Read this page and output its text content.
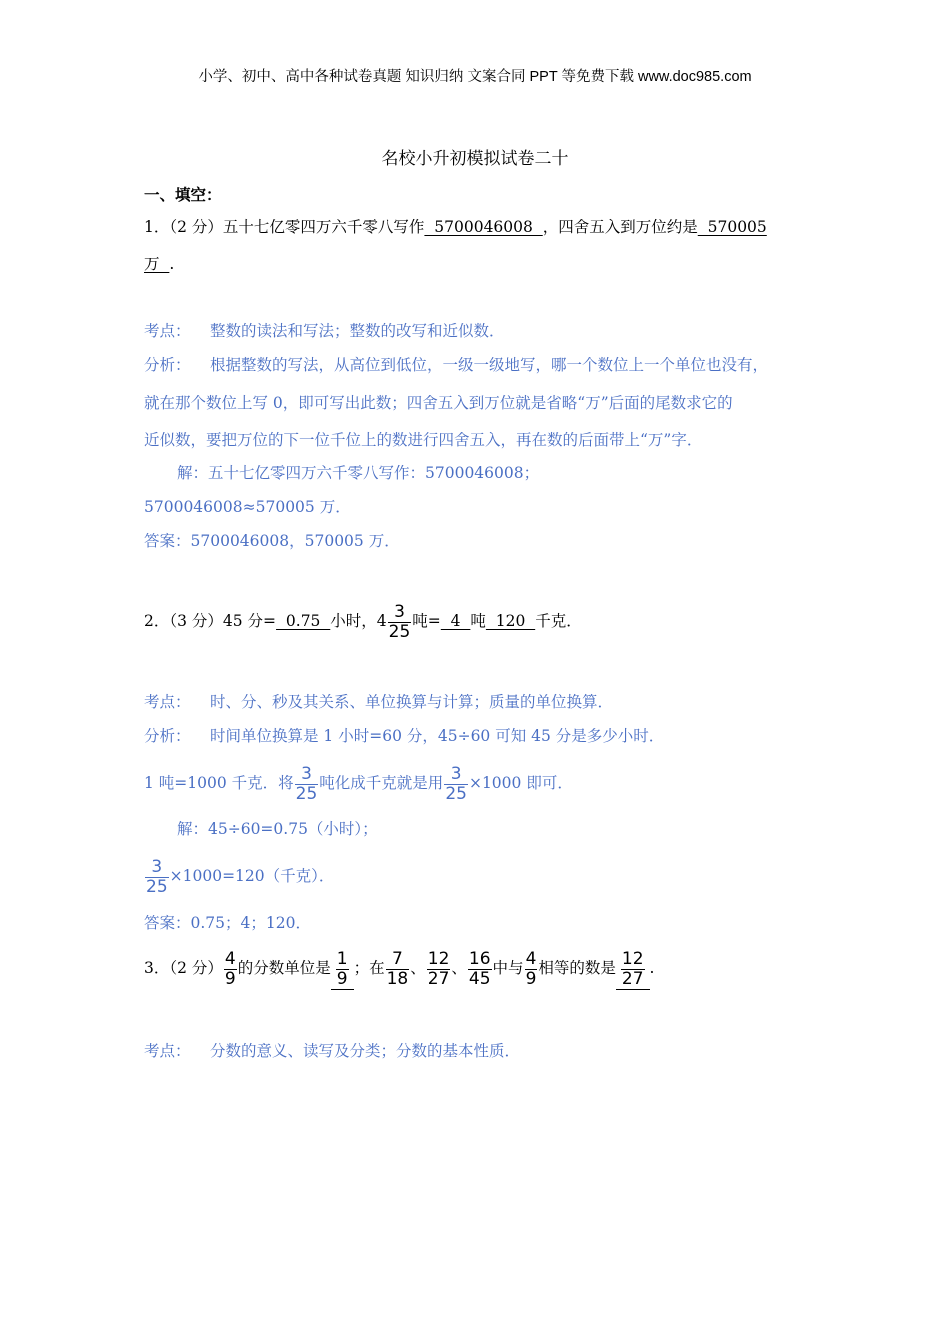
小学、初中、高中各种试卷真题 知识归纳 文案合同 PPT 等免费下载 www.doc985.com
名校小升初模拟试卷二十
一、填空：
1．（2 分）五十七亿零四万六千零八写作  5700046008  ，四舍五入到万位约是  570005
万  .
考点： 整数的读法和写法；整数的改写和近似数．
分析： 根据整数的写法，从高位到低位，一级一级地写，哪一个数位上一个单位也没有，
就在那个数位上写 0，即可写出此数；四舍五入到万位就是省略“万”后面的尾数求它的
近似数，要把万位的下一位千位上的数进行四舍五入，再在数的后面带上“万”字．
解：五十七亿零四万六千零八写作：5700046008；
5700046008≈570005 万．
答案：5700046008，570005 万．
2．（3 分）45 分=  0.75  小时，$4 \frac{3}{25}$ 吨=  4  吨  120  千克．
考点： 时、分、秒及其关系、单位换算与计算；质量的单位换算．
分析： 时间单位换算是 1 小时=60 分，45÷60 可知 45 分是多少小时．
1 吨=1000 千克．将 $\frac{3}{25}$ 吨化成千克就是用 $\frac{3}{25} \times 1000$ 即可．
解：45÷60=0.75（小时）；
$\frac{3}{25} \times 1000=120$（千克）．
答案：0.75；4；120．
3．（2 分） $\frac{4}{9}$ 的分数单位是 $\frac{1}{9}$ ；在 $\frac{7}{18}$ 、 $\frac{12}{27}$ 、 $\frac{16}{45}$ 中与 $\frac{4}{9}$ 相等的数是 $\frac{12}{27}$ .
考点： 分数的意义、读写及分类；分数的基本性质．
